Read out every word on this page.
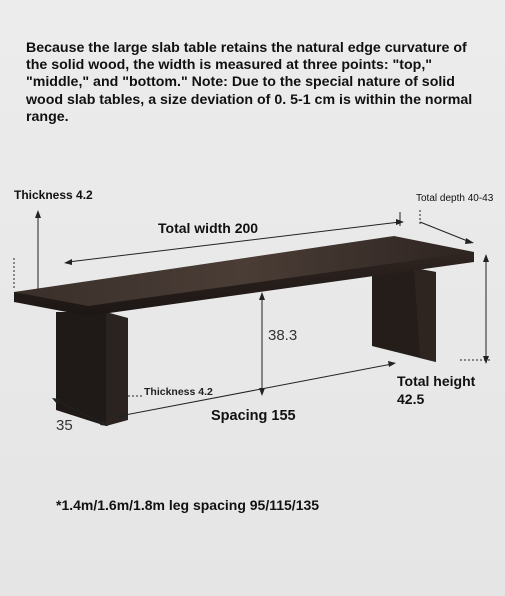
Because the large slab table retains the natural edge curvature of the solid wood, the width is measured at three points: "top," "middle," and "bottom." Note: Due to the special nature of solid wood slab tables, a size deviation of 0. 5-1 cm is within the normal range.
Thickness 4.2
Total width 200
Total depth 40-43
38.3
Thickness 4.2
Total height
42.5
Spacing 155
35
*1.4m/1.6m/1.8m leg spacing 95/115/135
